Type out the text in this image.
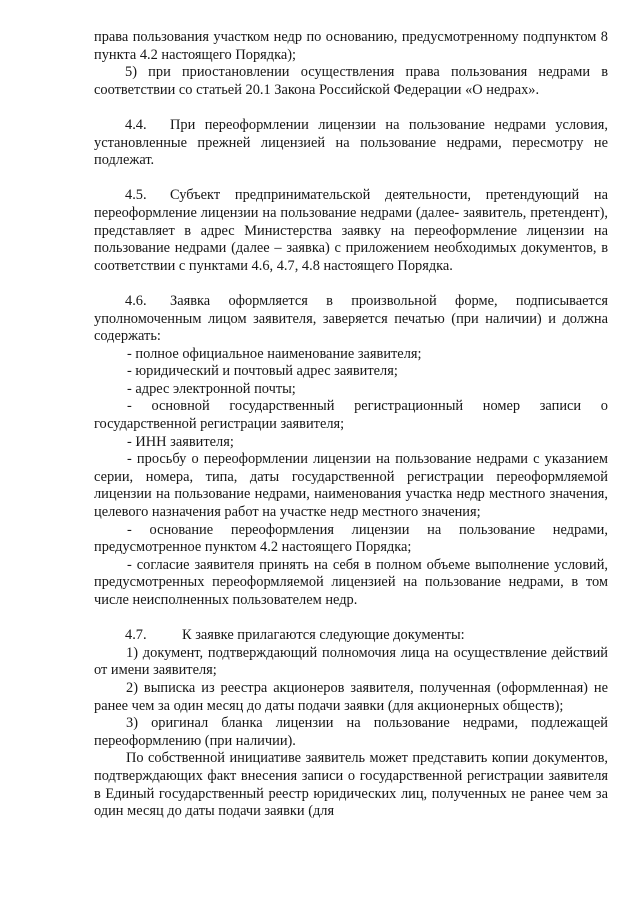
права пользования участком недр по основанию, предусмотренному подпунктом 8 пункта 4.2 настоящего Порядка);

5) при приостановлении осуществления права пользования недрами в соответствии со статьей 20.1 Закона Российской Федерации «О недрах».

4.4. При переоформлении лицензии на пользование недрами условия, установленные прежней лицензией на пользование недрами, пересмотру не подлежат.

4.5. Субъект предпринимательской деятельности, претендующий на переоформление лицензии на пользование недрами (далее- заявитель, претендент), представляет в адрес Министерства заявку на переоформление лицензии на пользование недрами (далее – заявка) с приложением необходимых документов, в соответствии с пунктами 4.6, 4.7, 4.8 настоящего Порядка.

4.6. Заявка оформляется в произвольной форме, подписывается уполномоченным лицом заявителя, заверяется печатью (при наличии) и должна содержать:

- полное официальное наименование заявителя;

- юридический и почтовый адрес заявителя;

- адрес электронной почты;

- основной государственный регистрационный номер записи о государственной регистрации заявителя;

- ИНН заявителя;

- просьбу о переоформлении лицензии на пользование недрами с указанием серии, номера, типа, даты государственной регистрации переоформляемой лицензии на пользование недрами, наименования участка недр местного значения, целевого назначения работ на участке недр местного значения;

- основание переоформления лицензии на пользование недрами, предусмотренное пунктом 4.2 настоящего Порядка;

- согласие заявителя принять на себя в полном объеме выполнение условий, предусмотренных переоформляемой лицензией на пользование недрами, в том числе неисполненных пользователем недр.

4.7. К заявке прилагаются следующие документы:

1) документ, подтверждающий полномочия лица на осуществление действий от имени заявителя;

2) выписка из реестра акционеров заявителя, полученная (оформленная) не ранее чем за один месяц до даты подачи заявки (для акционерных обществ);

3) оригинал бланка лицензии на пользование недрами, подлежащей переоформлению (при наличии).

По собственной инициативе заявитель может представить копии документов, подтверждающих факт внесения записи о государственной регистрации заявителя в Единый государственный реестр юридических лиц, полученных не ранее чем за один месяц до даты подачи заявки (для
